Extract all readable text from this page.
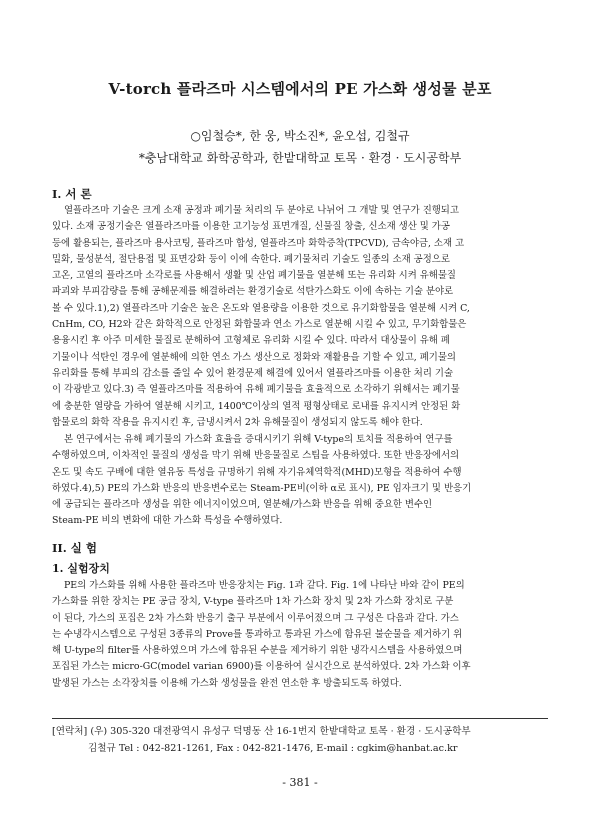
V-torch 플라즈마 시스템에서의 PE 가스화 생성물 분포
○임철승*, 한 웅, 박소진*, 윤오섭, 김철규
*충남대학교 화학공학과, 한밭대학교 토목 · 환경 · 도시공학부
I. 서 론
열플라즈마 기술은 크게 소재 공정과 폐기물 처리의 두 분야로 나뉘어 그 개발 및 연구가 진행되고
있다. 소재 공정기술은 열플라즈마를 이용한 고기능성 표면개질, 신물질 창출, 신소재 생산 및 가공
등에 활용되는, 플라즈마 용사코팅, 플라즈마 합성, 열플라즈마 화학증착(TPCVD), 금속야금, 소재 고
밀화, 물성분석, 절단용접 및 표면강화 등이 이에 속한다. 폐기물처리 기술도 일종의 소재 공정으로
고온, 고열의 플라즈마 소각로를 사용해서 생활 및 산업 폐기물을 열분해 또는 유리화 시켜 유해물질
파괴와 부피감량을 통해 공해문제를 해결하려는 환경기술로 석탄가스화도 이에 속하는 기술 분야로
볼 수 있다.1),2) 열플라즈마 기술은 높은 온도와 열용량을 이용한 것으로 유기화합물을 열분해 시켜 C,
CnHm, CO, H2와 같은 화학적으로 안정된 화합물과 연소 가스로 열분해 시킬 수 있고, 무기화합물은
용융시킨 후 아주 미세한 물질로 분해하여 고형체로 유리화 시킬 수 있다. 따라서 대상물이 유해 폐
기물이나 석탄인 경우에 열분해에 의한 연소 가스 생산으로 정화와 재활용을 기할 수 있고, 폐기물의
유리화를 통해 부피의 감소를 줄일 수 있어 환경문제 해결에 있어서 열플라즈마를 이용한 처리 기술
이 각광받고 있다.3) 즉 열플라즈마를 적용하여 유해 폐기물을 효율적으로 소각하기 위해서는 폐기물
에 충분한 열량을 가하여 열분해 시키고, 1400℃이상의 열적 평형상태로 로내를 유지시켜 안정된 화
합물로의 화학 작용을 유지시킨 후, 급냉시켜서 2차 유해물질이 생성되지 않도록 해야 한다.
본 연구에서는 유해 폐기물의 가스화 효율을 증대시키기 위해 V-type의 토치를 적용하여 연구를
수행하였으며, 이차적인 물질의 생성을 막기 위해 반응물질로 스팀을 사용하였다. 또한 반응장에서의
온도 및 속도 구배에 대한 열유동 특성을 규명하기 위해 자기유체역학적(MHD)모형을 적용하여 수행
하였다.4),5) PE의 가스화 반응의 반응변수로는 Steam-PE비(이하 α로 표시), PE 임자크기 및 반응기
에 공급되는 플라즈마 생성을 위한 에너지이었으며, 열분해/가스화 반응을 위해 중요한 변수인
Steam-PE 비의 변화에 대한 가스화 특성을 수행하였다.
II. 실 험
1. 실험장치
PE의 가스화를 위해 사용한 플라즈마 반응장치는 Fig. 1과 같다. Fig. 1에 나타난 바와 같이 PE의
가스화를 위한 장치는 PE 공급 장치, V-type 플라즈마 1차 가스화 장치 및 2차 가스화 장치로 구분
이 된다, 가스의 포집은 2차 가스화 반응기 출구 부분에서 이루어졌으며 그 구성은 다음과 같다. 가스
는 수냉각시스템으로 구성된 3종류의 Prove를 통과하고 통과된 가스에 함유된 불순물을 제거하기 위
해 U-type의 filter를 사용하였으며 가스에 함유된 수분을 제거하기 위한 냉각시스템을 사용하였으며
포집된 가스는 micro-GC(model varian 6900)를 이용하여 실시간으로 분석하였다. 2차 가스화 이후
발생된 가스는 소각장치를 이용해 가스화 생성물을 완전 연소한 후 방출되도록 하였다.
[연락처] (우) 305-320 대전광역시 유성구 덕명동 산 16-1번지 한밭대학교 토목 · 환경 · 도시공학부
김철규 Tel : 042-821-1261, Fax : 042-821-1476, E-mail : cgkim@hanbat.ac.kr
- 381 -
